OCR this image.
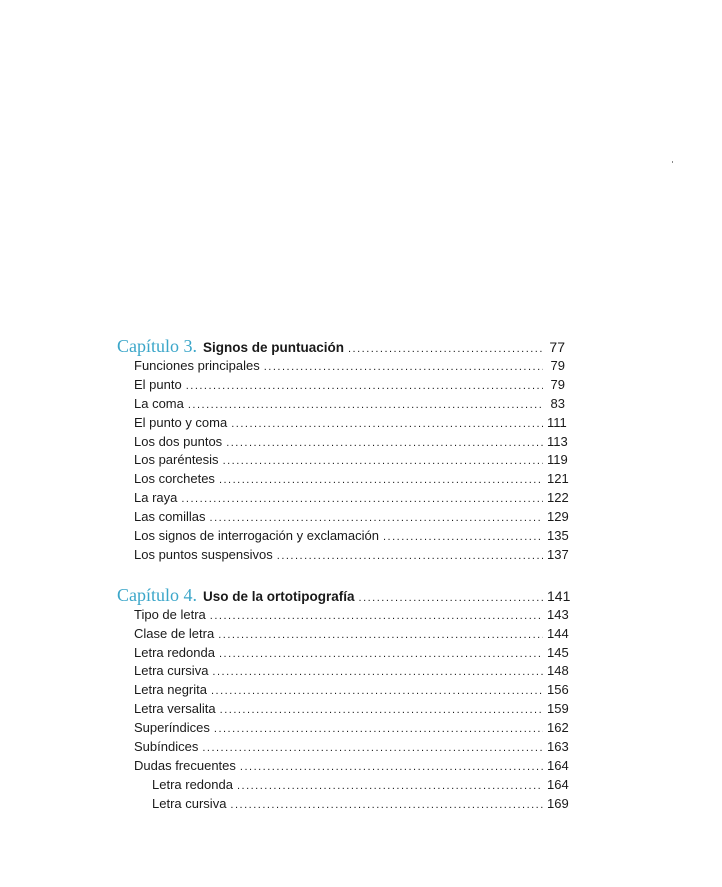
Capítulo 3. Signos de puntuación .....	77
Funciones principales .....	79
El punto .....	79
La coma .....	83
El punto y coma .....	111
Los dos puntos .....	113
Los paréntesis .....	119
Los corchetes .....	121
La raya .....	122
Las comillas .....	129
Los signos de interrogación y exclamación .....	135
Los puntos suspensivos .....	137
Capítulo 4. Uso de la ortotipografía .....	141
Tipo de letra .....	143
Clase de letra .....	144
Letra redonda .....	145
Letra cursiva .....	148
Letra negrita .....	156
Letra versalita .....	159
Superíndices .....	162
Subíndices .....	163
Dudas frecuentes .....	164
Letra redonda .....	164
Letra cursiva .....	169
